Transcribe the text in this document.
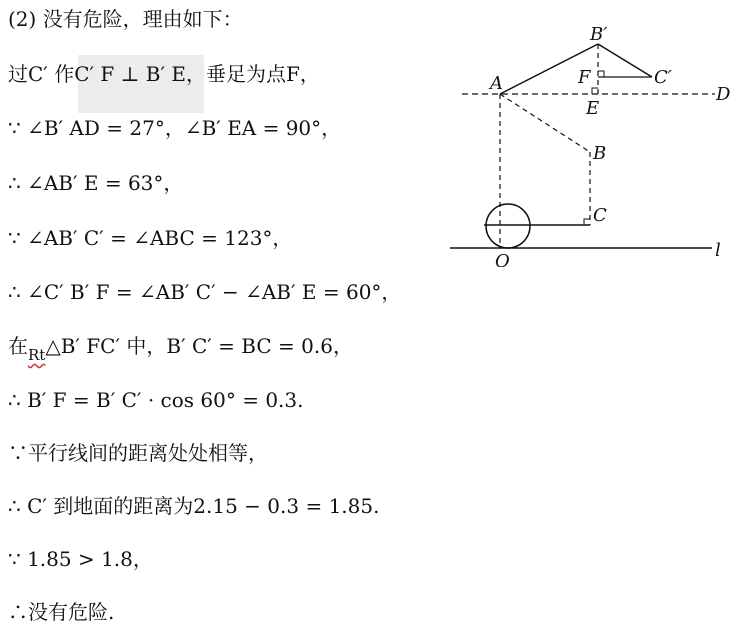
(2) 没有危险，理由如下：
过C′ 作C′ F ⊥ B′ E，垂足为点F，
∵ ∠B′ AD = 27°，∠B′ EA = 90°，
∴ ∠AB′ E = 63°，
∵ ∠AB′ C′ = ∠ABC = 123°，
∴ ∠C′ B′ F = ∠AB′ C′ − ∠AB′ E = 60°，
在$_{Rt}$△B′ FC′ 中，B′ C′ = BC = 0.6，
∴ B′ F = B′ C′ · cos 60° = 0.3.
∵平行线间的距离处处相等，
∴ C′ 到地面的距离为2.15 − 0.3 = 1.85.
∵ 1.85 > 1.8，
∴没有危险.
A
B′
C′
F
E
D
B
C
O
l
